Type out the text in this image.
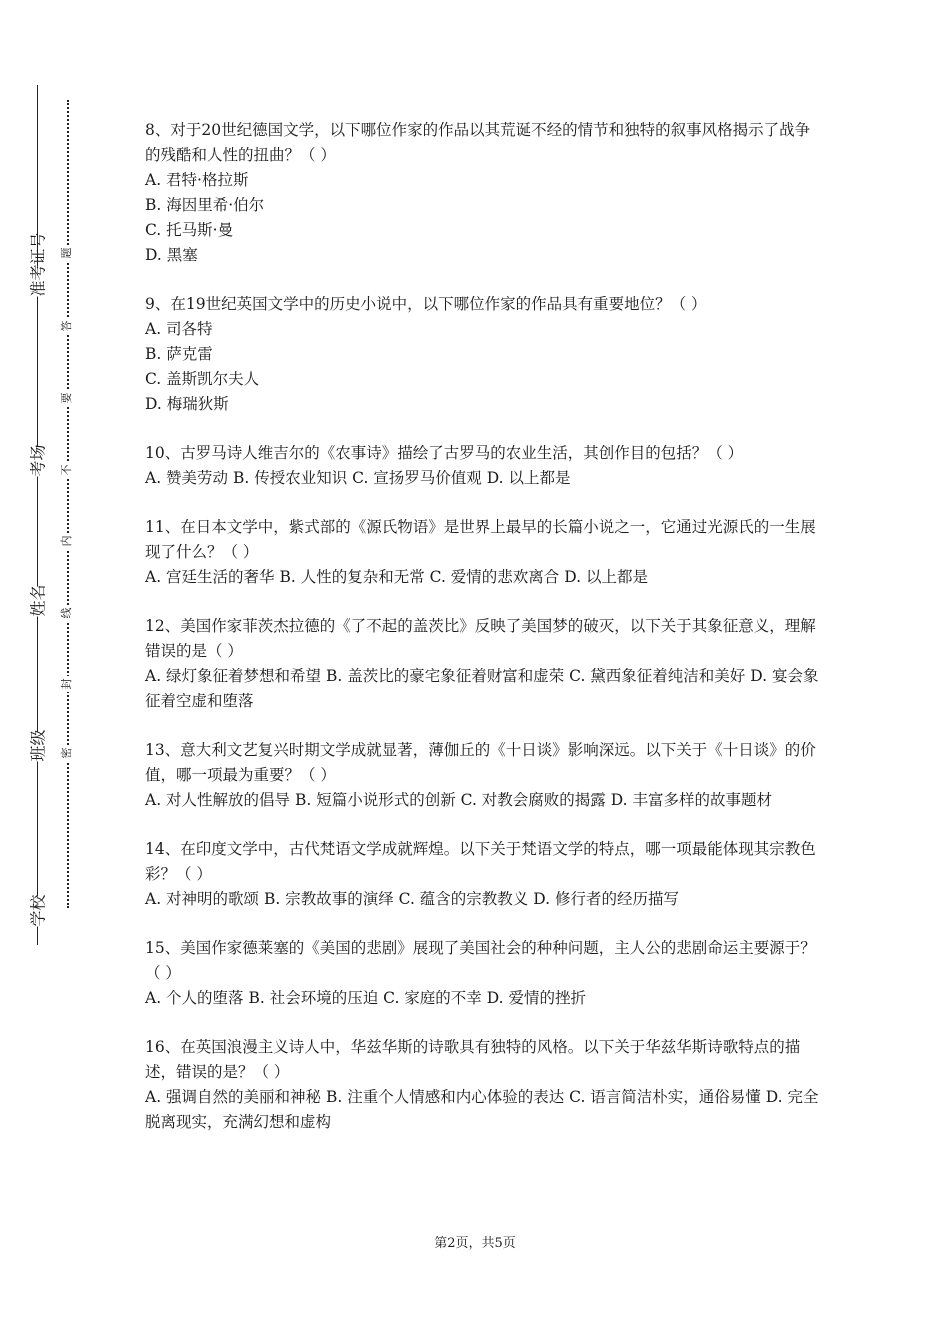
准考证号
考场
姓名
班级
学校
题
答
要
不
内
线
封
密

8、对于20世纪德国文学，以下哪位作家的作品以其荒诞不经的情节和独特的叙事风格揭示了战争的残酷和人性的扭曲？（ ）

A. 君特·格拉斯

B. 海因里希·伯尔

C. 托马斯·曼

D. 黑塞

9、在19世纪英国文学中的历史小说中，以下哪位作家的作品具有重要地位？（ ）

A. 司各特

B. 萨克雷

C. 盖斯凯尔夫人

D. 梅瑞狄斯

10、古罗马诗人维吉尔的《农事诗》描绘了古罗马的农业生活，其创作目的包括？（ ）

A. 赞美劳动 B. 传授农业知识 C. 宣扬罗马价值观 D. 以上都是

11、在日本文学中，紫式部的《源氏物语》是世界上最早的长篇小说之一，它通过光源氏的一生展现了什么？（ ）

A. 宫廷生活的奢华 B. 人性的复杂和无常 C. 爱情的悲欢离合 D. 以上都是

12、美国作家菲茨杰拉德的《了不起的盖茨比》反映了美国梦的破灭，以下关于其象征意义，理解错误的是（ ）

A. 绿灯象征着梦想和希望 B. 盖茨比的豪宅象征着财富和虚荣 C. 黛西象征着纯洁和美好 D. 宴会象征着空虚和堕落

13、意大利文艺复兴时期文学成就显著，薄伽丘的《十日谈》影响深远。以下关于《十日谈》的价值，哪一项最为重要？（ ）

A. 对人性解放的倡导 B. 短篇小说形式的创新 C. 对教会腐败的揭露 D. 丰富多样的故事题材

14、在印度文学中，古代梵语文学成就辉煌。以下关于梵语文学的特点，哪一项最能体现其宗教色彩？（ ）

A. 对神明的歌颂 B. 宗教故事的演绎 C. 蕴含的宗教教义 D. 修行者的经历描写

15、美国作家德莱塞的《美国的悲剧》展现了美国社会的种种问题，主人公的悲剧命运主要源于？（ ）

A. 个人的堕落 B. 社会环境的压迫 C. 家庭的不幸 D. 爱情的挫折

16、在英国浪漫主义诗人中，华兹华斯的诗歌具有独特的风格。以下关于华兹华斯诗歌特点的描述，错误的是？（ ）

A. 强调自然的美丽和神秘 B. 注重个人情感和内心体验的表达 C. 语言简洁朴实，通俗易懂 D. 完全脱离现实，充满幻想和虚构

第2页，共5页
